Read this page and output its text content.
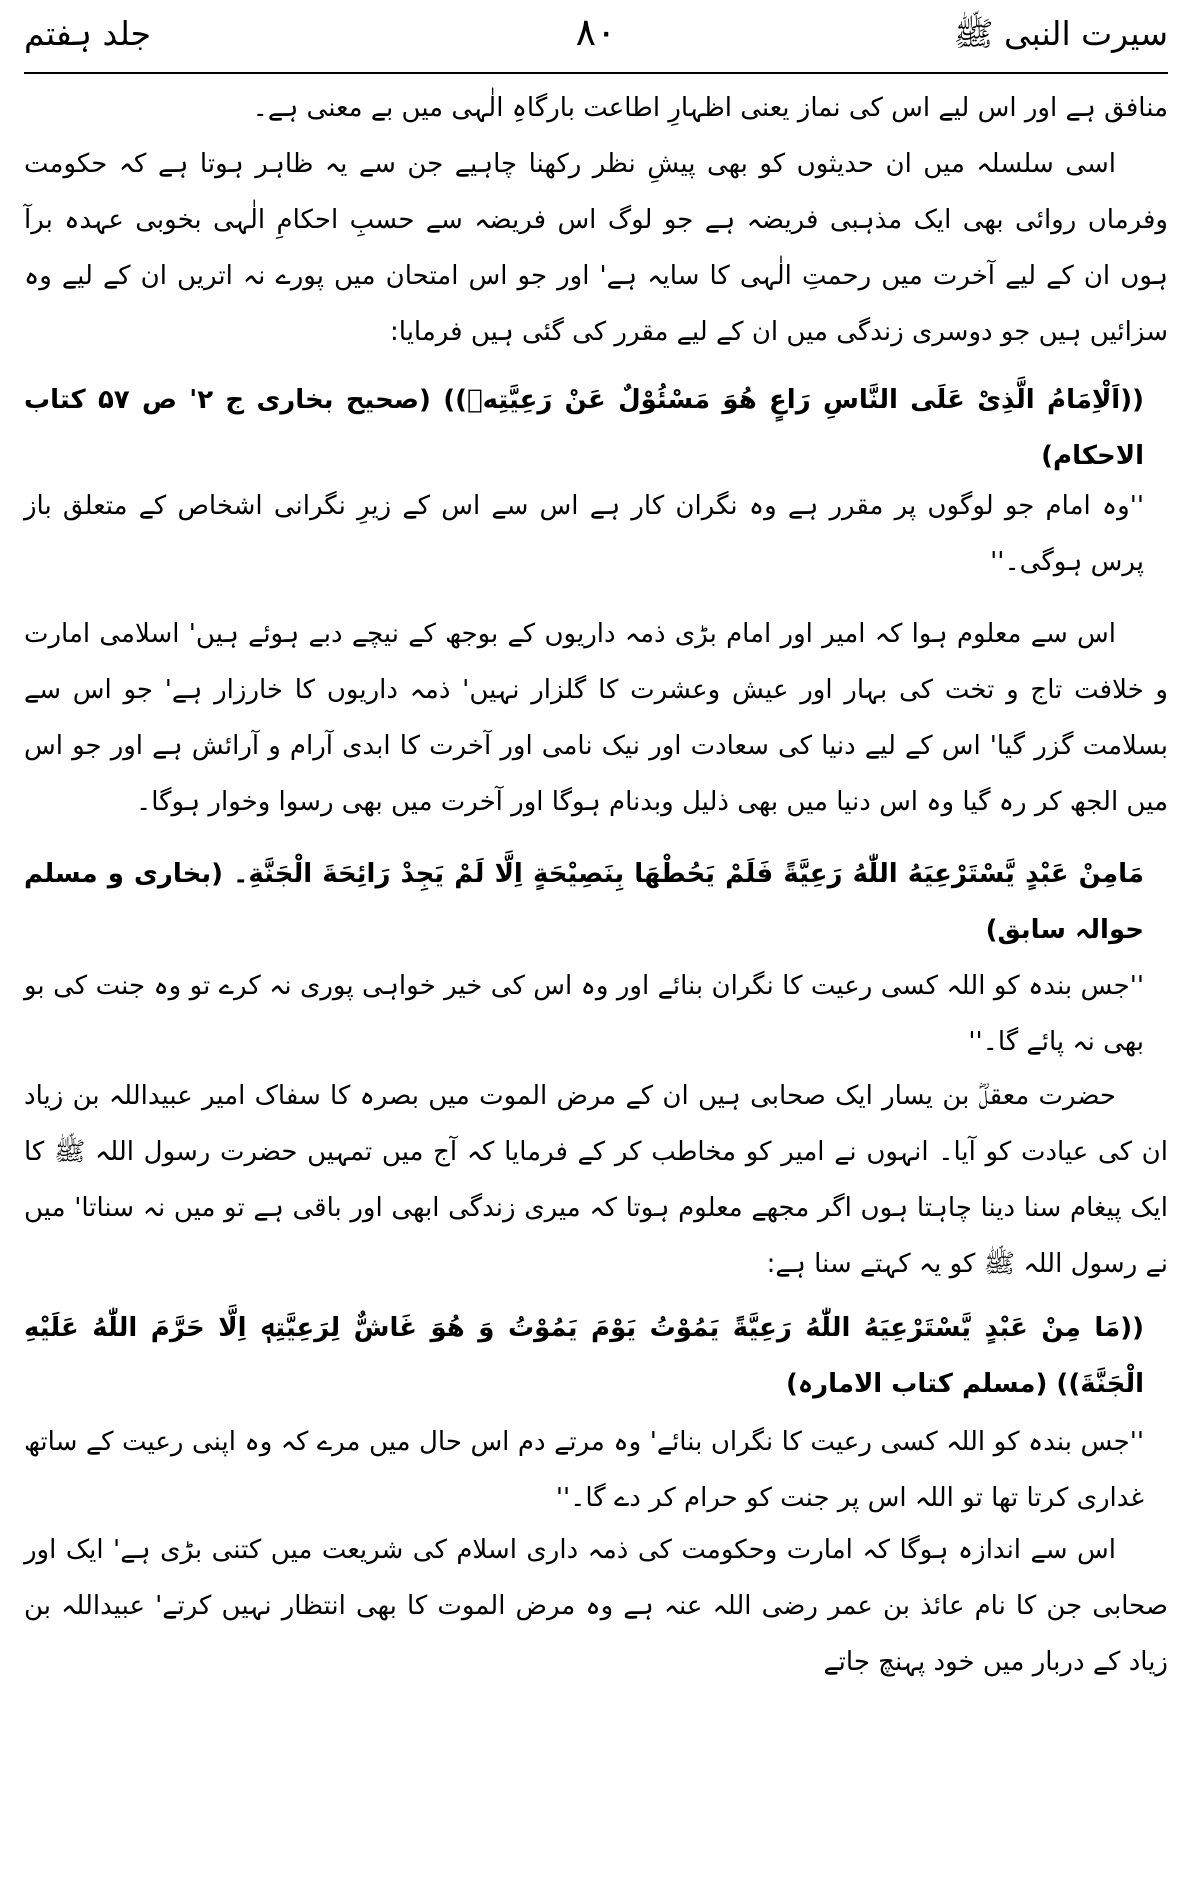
سیرت النبی ﷺ
۸۰
جلد ہفتم

منافق ہے اور اس لیے اس کی نماز یعنی اظہارِ اطاعت بارگاہِ الٰہی میں بے معنی ہے۔

اسی سلسلہ میں ان حدیثوں کو بھی پیشِ نظر رکھنا چاہیے جن سے یہ ظاہر ہوتا ہے کہ حکومت وفرماں روائی بھی ایک مذہبی فریضہ ہے جو لوگ اس فریضہ سے حسبِ احکامِ الٰہی بخوبی عہدہ برآ ہوں ان کے لیے آخرت میں رحمتِ الٰہی کا سایہ ہے' اور جو اس امتحان میں پورے نہ اتریں ان کے لیے وہ سزائیں ہیں جو دوسری زندگی میں ان کے لیے مقرر کی گئی ہیں فرمایا:

((اَلْاِمَامُ الَّذِیْ عَلَی النَّاسِ رَاعٍ هُوَ مَسْئُوْلٌ عَنْ رَعِیَّتِهٖ)) (صحیح بخاری ج ۲' ص ۵۷ کتاب الاحکام)

''وہ امام جو لوگوں پر مقرر ہے وہ نگران کار ہے اس سے اس کے زیرِ نگرانی اشخاص کے متعلق باز پرس ہوگی۔''

اس سے معلوم ہوا کہ امیر اور امام بڑی ذمہ داریوں کے بوجھ کے نیچے دبے ہوئے ہیں' اسلامی امارت و خلافت تاج و تخت کی بہار اور عیش وعشرت کا گلزار نہیں' ذمہ داریوں کا خارزار ہے' جو اس سے بسلامت گزر گیا' اس کے لیے دنیا کی سعادت اور نیک نامی اور آخرت کا ابدی آرام و آرائش ہے اور جو اس میں الجھ کر رہ گیا وہ اس دنیا میں بھی ذلیل وبدنام ہوگا اور آخرت میں بھی رسوا وخوار ہوگا۔

مَامِنْ عَبْدٍ یَّسْتَرْعِیَهُ اللّٰهُ رَعِیَّةً فَلَمْ یَحُطْهَا بِنَصِیْحَةٍ اِلَّا لَمْ یَجِدْ رَائِحَةَ الْجَنَّةِ۔ (بخاری و مسلم حوالہ سابق)

''جس بندہ کو اللہ کسی رعیت کا نگران بنائے اور وہ اس کی خیر خواہی پوری نہ کرے تو وہ جنت کی بو بھی نہ پائے گا۔''

حضرت معقلؓ بن یسار ایک صحابی ہیں ان کے مرض الموت میں بصرہ کا سفاک امیر عبیداللہ بن زیاد ان کی عیادت کو آیا۔ انہوں نے امیر کو مخاطب کر کے فرمایا کہ آج میں تمہیں حضرت رسول اللہ ﷺ کا ایک پیغام سنا دینا چاہتا ہوں اگر مجھے معلوم ہوتا کہ میری زندگی ابھی اور باقی ہے تو میں نہ سناتا' میں نے رسول اللہ ﷺ کو یہ کہتے سنا ہے:

((مَا مِنْ عَبْدٍ یَّسْتَرْعِیَهُ اللّٰهُ رَعِیَّةً یَمُوْتُ یَوْمَ یَمُوْتُ وَ هُوَ غَاشٌّ لِرَعِیَّتِهٖ اِلَّا حَرَّمَ اللّٰهُ عَلَیْهِ الْجَنَّةَ)) (مسلم کتاب الامارہ)

''جس بندہ کو اللہ کسی رعیت کا نگراں بنائے' وہ مرتے دم اس حال میں مرے کہ وہ اپنی رعیت کے ساتھ غداری کرتا تھا تو اللہ اس پر جنت کو حرام کر دے گا۔''

اس سے اندازہ ہوگا کہ امارت وحکومت کی ذمہ داری اسلام کی شریعت میں کتنی بڑی ہے' ایک اور صحابی جن کا نام عائذ بن عمر رضی اللہ عنہ ہے وہ مرض الموت کا بھی انتظار نہیں کرتے' عبیداللہ بن زیاد کے دربار میں خود پہنچ جاتے
